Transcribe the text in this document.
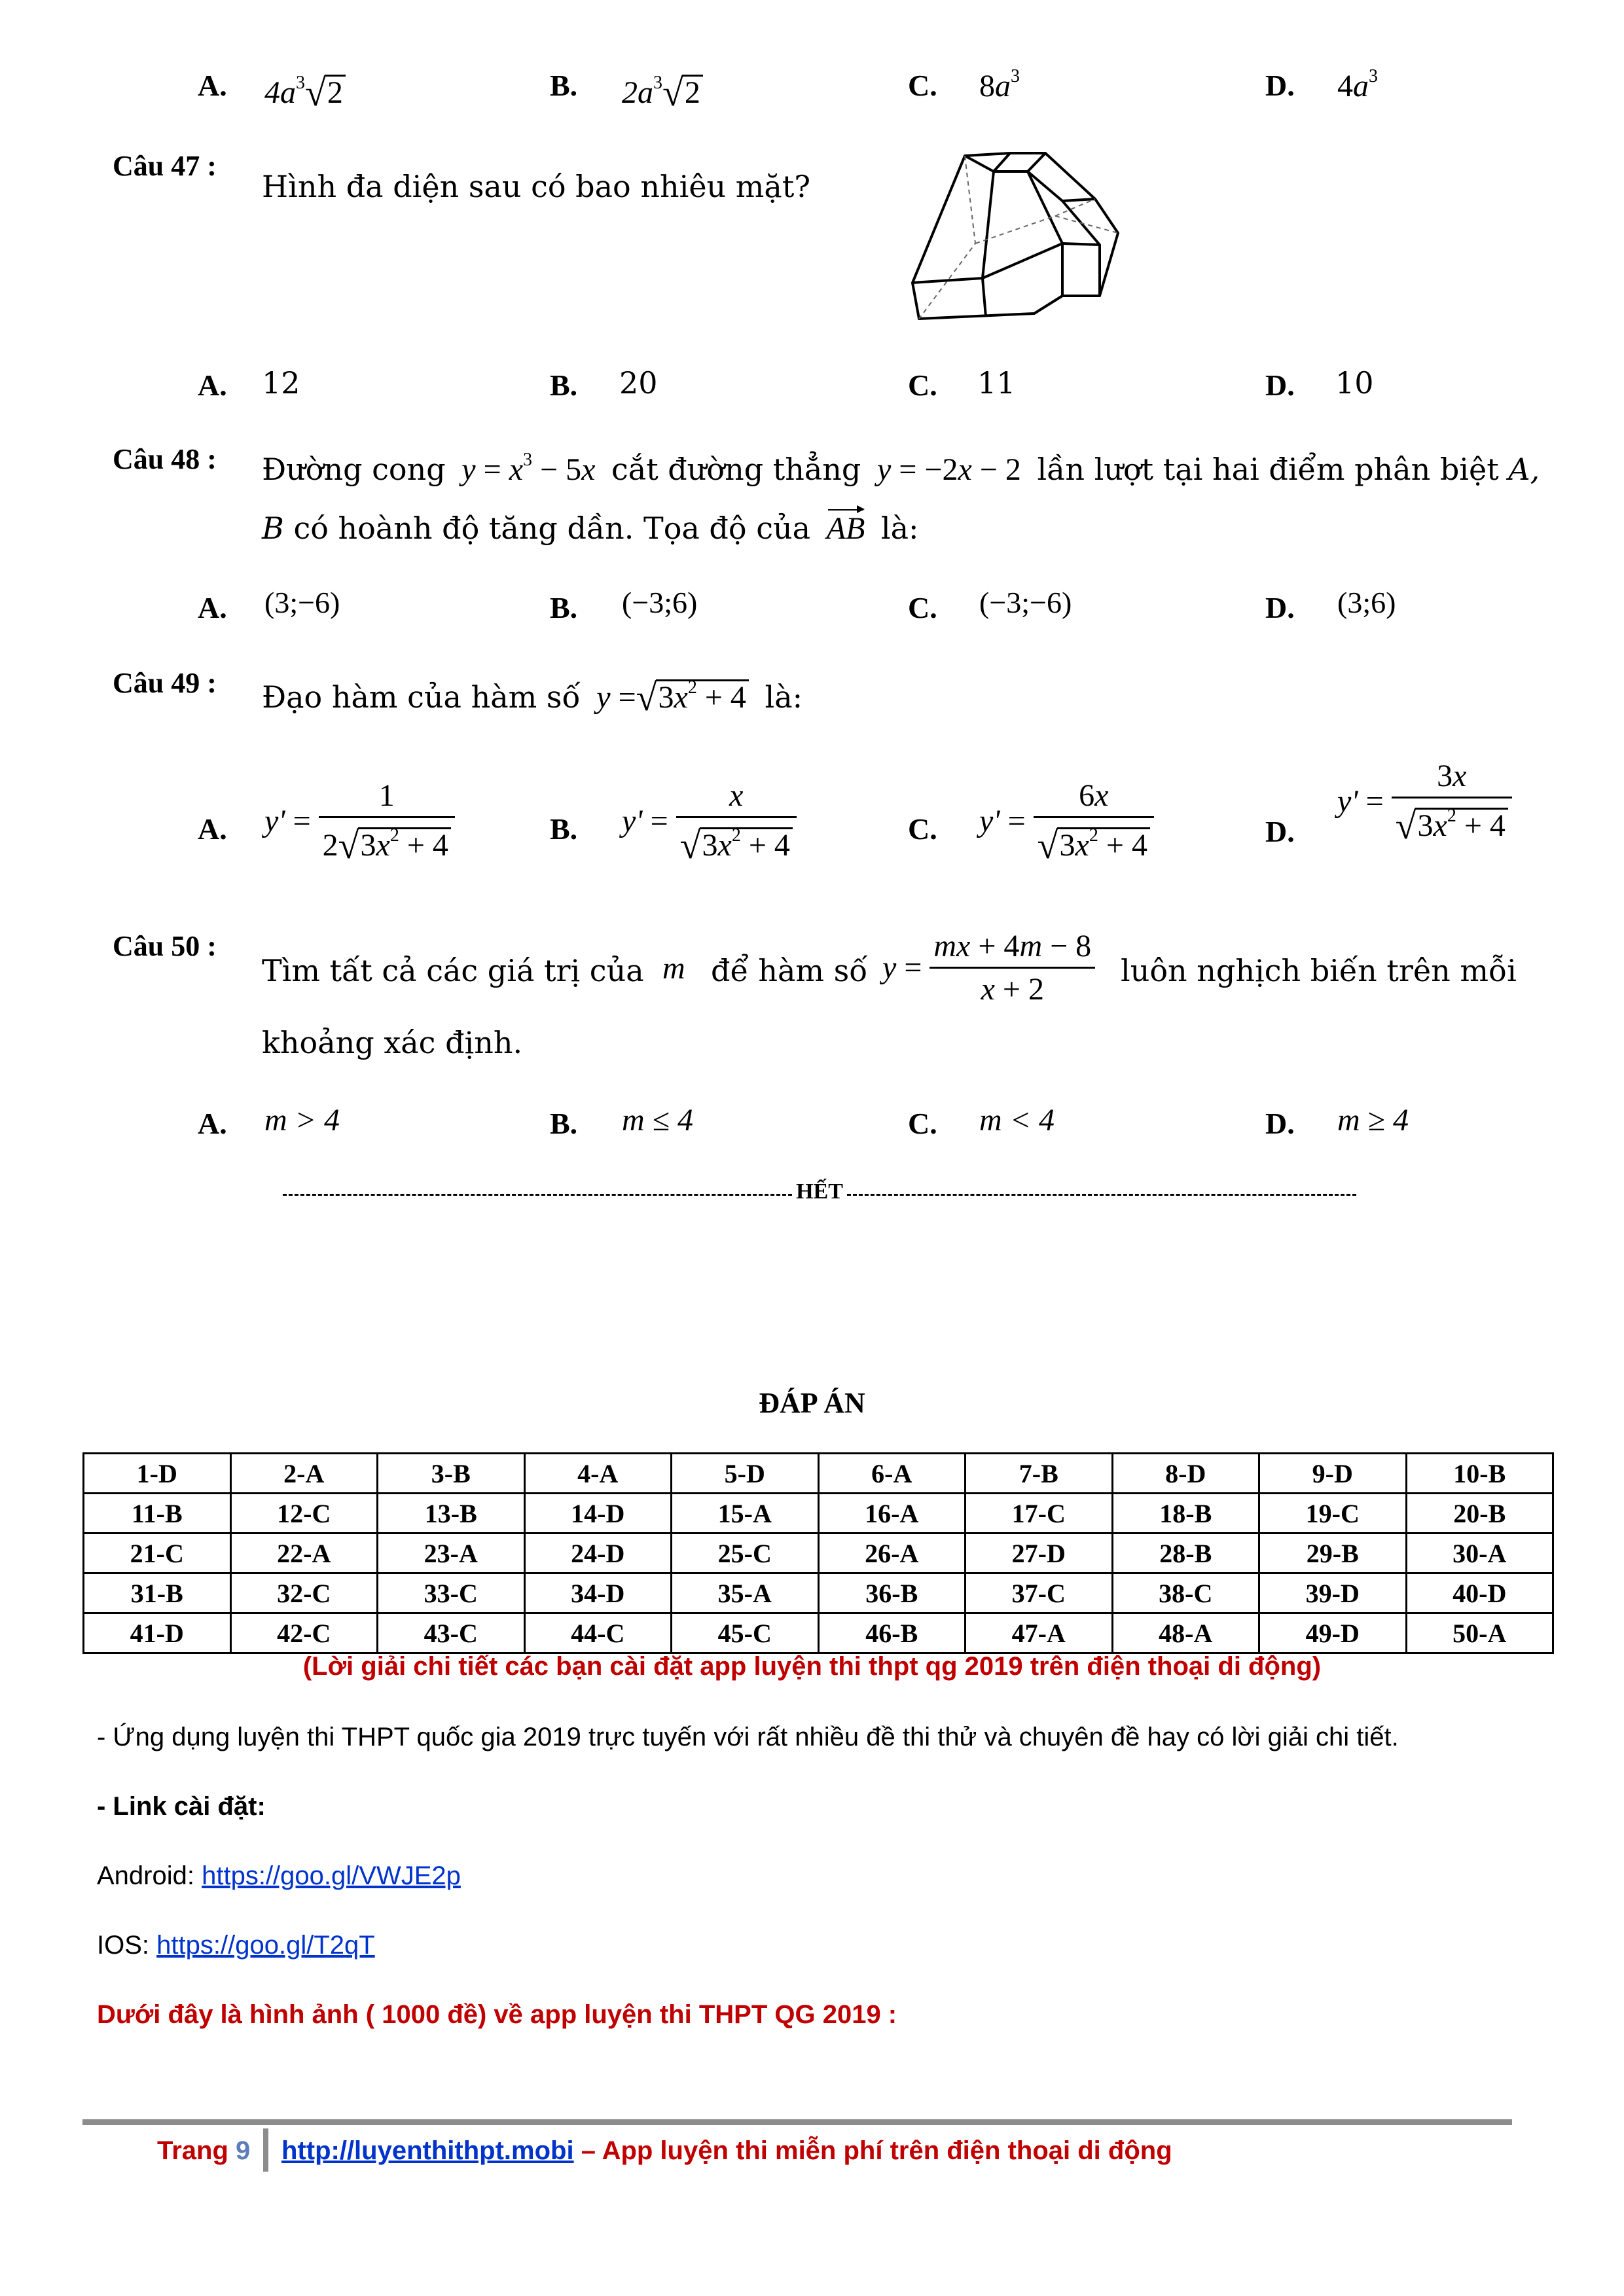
A. $4a^3√2$	B. $2a^3√2$	C. $8a^3$	D. $4a^3$
Câu 47 :
Hình đa diện sau có bao nhiêu mặt?
A. 12	B. 20	C. 11	D. 10
Câu 48 : Đường cong $y = x^3 - 5x$ cắt đường thẳng y = −2x − 2 lần lượt tại hai điểm phân biệt A,
B có hoành độ tăng dần. Tọa độ của AB là:
A. (3;−6)	B. (−3;6)	C. (−3;−6)	D. (3;6)
Câu 49 : Đạo hàm của hàm số $y =√3x^2 + 4$ là:
A. $y' = \frac{1}{2√3x^2 + 4}$	B. $y' = \frac{x}{√3x^2 + 4}$	C. $y' = \frac{6x}{√3x^2 + 4}$	D.
$y' = \frac{3x}{√3x^2 + 4}$
Câu 50 :
Tìm tất cả các giá trị của m để hàm số $y = \frac{mx + 4m - 8}{x + 2}$ luôn nghịch biến trên mỗi
khoảng xác định.
A. m > 4	B. m ≤ 4	C. m < 4	D. m ≥ 4
HẾT
ĐÁP ÁN
1-D	2-A	3-B	4-A	5-D	6-A	7-B	8-D	9-D	10-B
11-B	12-C	13-B	14-D	15-A	16-A	17-C	18-B	19-C	20-B
21-C	22-A	23-A	24-D	25-C	26-A	27-D	28-B	29-B	30-A
31-B	32-C	33-C	34-D	35-A	36-B	37-C	38-C	39-D	40-D
41-D	42-C	43-C	44-C	45-C	46-B	47-A	48-A	49-D	50-A
(Lời giải chi tiết các bạn cài đặt app luyện thi thpt qg 2019 trên điện thoại di động)
- Ứng dụng luyện thi THPT quốc gia 2019 trực tuyến với rất nhiều đề thi thử và chuyên đề hay có lời giải chi tiết.
- Link cài đặt:
Android: https://goo.gl/VWJE2p
IOS: https://goo.gl/T2qT
Dưới đây là hình ảnh ( 1000 đề) về app luyện thi THPT QG 2019 :
Trang 9 http://luyenthithpt.mobi – App luyện thi miễn phí trên điện thoại di động
